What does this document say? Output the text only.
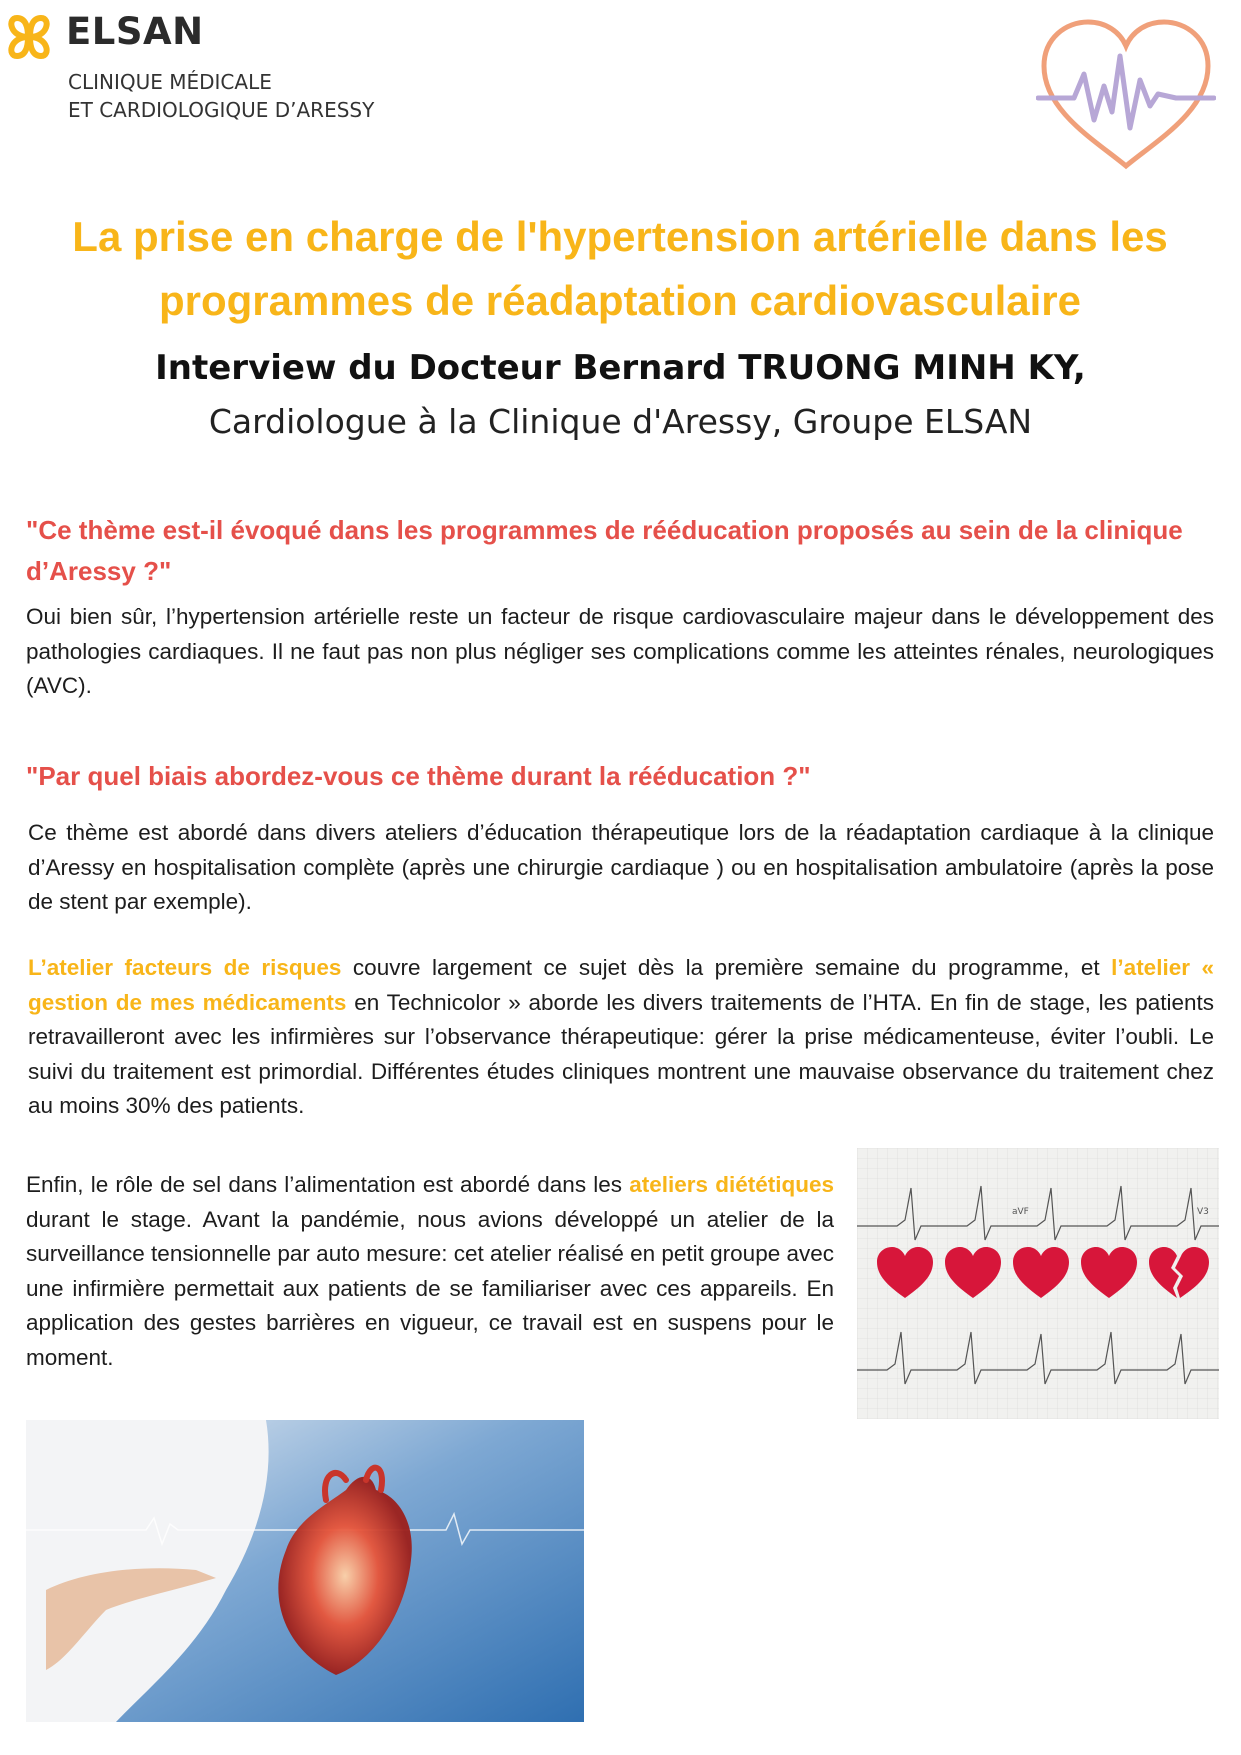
ELSAN
CLINIQUE MÉDICALE
ET CARDIOLOGIQUE D’ARESSY
La prise en charge de l'hypertension artérielle dans les
programmes de réadaptation cardiovasculaire
Interview du Docteur Bernard TRUONG MINH KY,
Cardiologue à la Clinique d'Aressy, Groupe ELSAN

"Ce thème est-il évoqué dans les programmes de rééducation proposés au sein de la clinique d’Aressy ?"

Oui bien sûr, l’hypertension artérielle reste un facteur de risque cardiovasculaire majeur dans le développement des pathologies cardiaques. Il ne faut pas non plus négliger ses complications comme les atteintes rénales, neurologiques (AVC).

"Par quel biais abordez-vous ce thème durant la rééducation ?"

Ce thème est abordé dans divers ateliers d’éducation thérapeutique lors de la réadaptation cardiaque à la clinique d’Aressy en hospitalisation complète (après une chirurgie cardiaque ) ou en hospitalisation ambulatoire (après la pose de stent par exemple).

L’atelier facteurs de risques couvre largement ce sujet dès la première semaine du programme, et l’atelier « gestion de mes médicaments en Technicolor » aborde les divers traitements de l’HTA. En fin de stage, les patients retravailleront avec les infirmières sur l’observance thérapeutique: gérer la prise médicamenteuse, éviter l’oubli. Le suivi du traitement est primordial. Différentes études cliniques montrent une mauvaise observance du traitement chez au moins 30% des patients.

Enfin, le rôle de sel dans l’alimentation est abordé dans les ateliers diététiques durant le stage. Avant la pandémie, nous avions développé un atelier de la surveillance tensionnelle par auto mesure: cet atelier réalisé en petit groupe avec une infirmière permettait aux patients de se familiariser avec ces appareils. En application des gestes barrières en vigueur, ce travail est en suspens pour le moment.

aVF	V3
